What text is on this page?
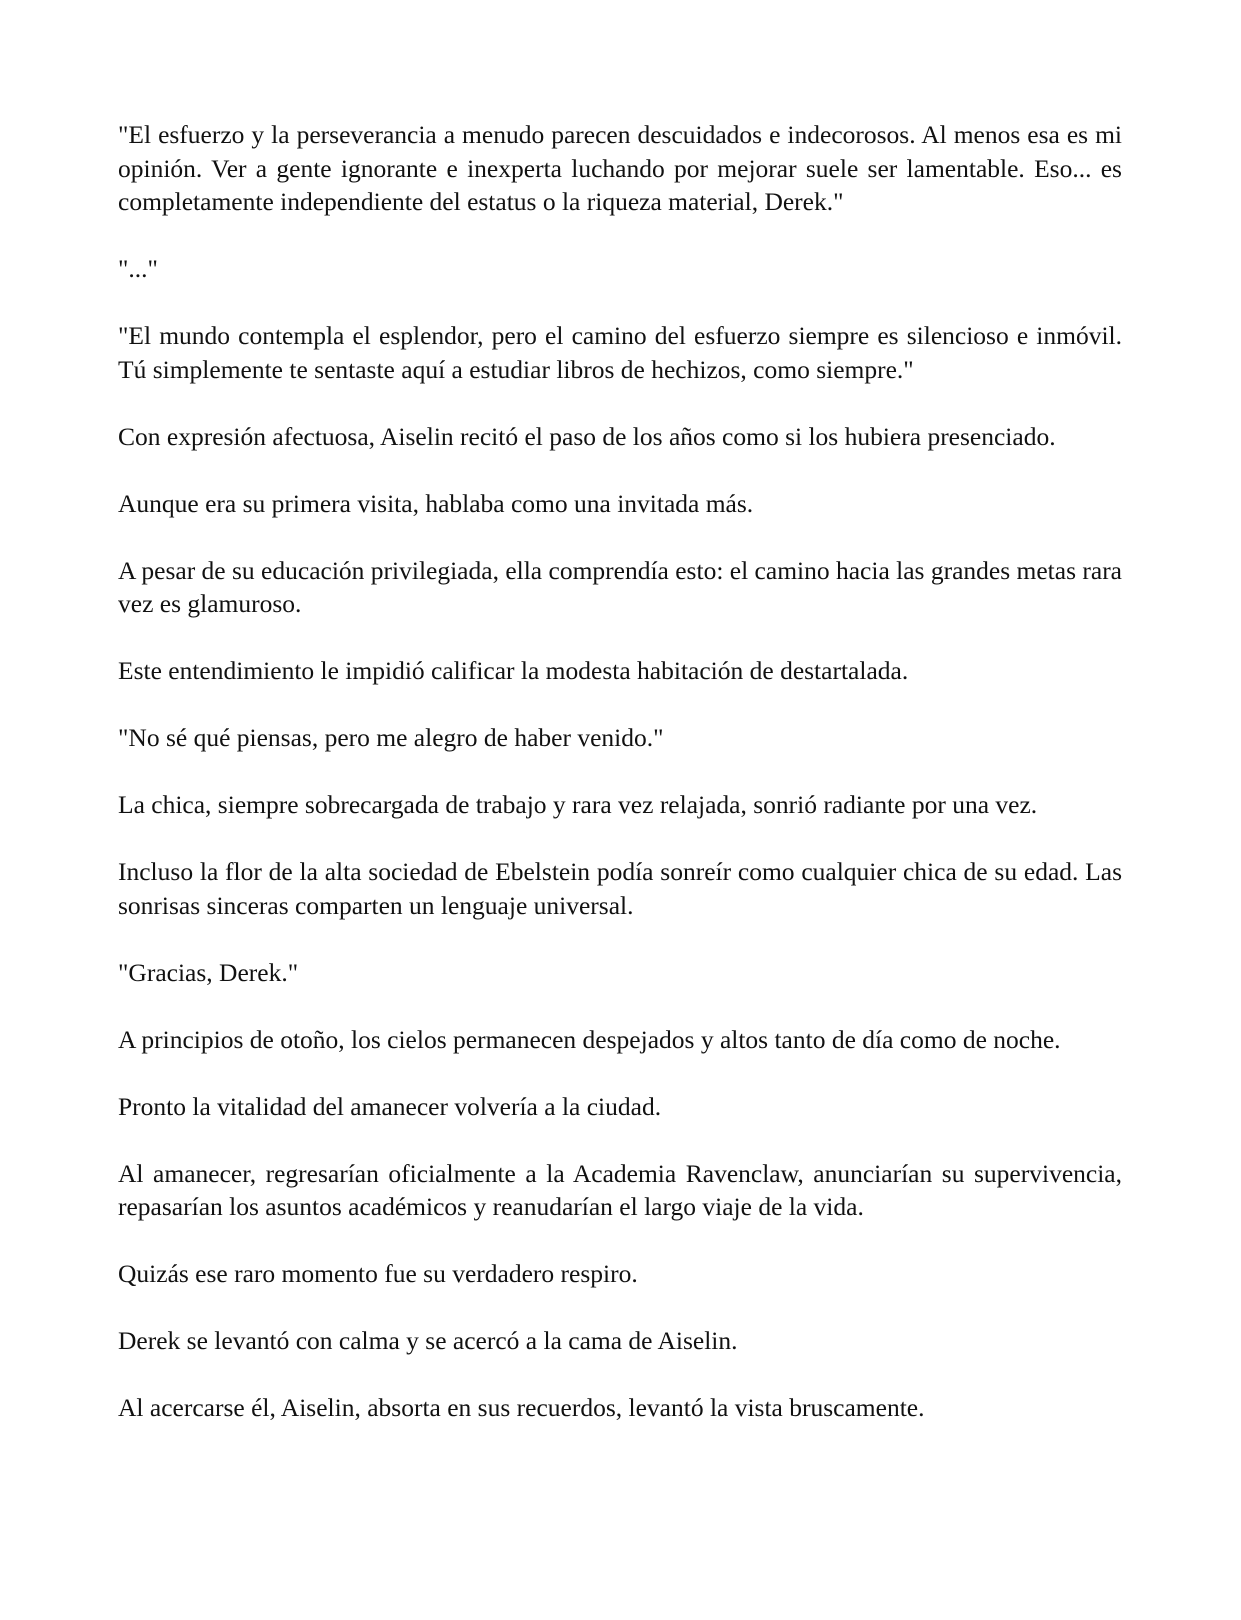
"El esfuerzo y la perseverancia a menudo parecen descuidados e indecorosos. Al menos esa es mi opinión. Ver a gente ignorante e inexperta luchando por mejorar suele ser lamentable. Eso... es completamente independiente del estatus o la riqueza material, Derek."

"..."

"El mundo contempla el esplendor, pero el camino del esfuerzo siempre es silencioso e inmóvil. Tú simplemente te sentaste aquí a estudiar libros de hechizos, como siempre."

Con expresión afectuosa, Aiselin recitó el paso de los años como si los hubiera presenciado.

Aunque era su primera visita, hablaba como una invitada más.

A pesar de su educación privilegiada, ella comprendía esto: el camino hacia las grandes metas rara vez es glamuroso.

Este entendimiento le impidió calificar la modesta habitación de destartalada.

"No sé qué piensas, pero me alegro de haber venido."

La chica, siempre sobrecargada de trabajo y rara vez relajada, sonrió radiante por una vez.

Incluso la flor de la alta sociedad de Ebelstein podía sonreír como cualquier chica de su edad. Las sonrisas sinceras comparten un lenguaje universal.

"Gracias, Derek."

A principios de otoño, los cielos permanecen despejados y altos tanto de día como de noche.

Pronto la vitalidad del amanecer volvería a la ciudad.

Al amanecer, regresarían oficialmente a la Academia Ravenclaw, anunciarían su supervivencia, repasarían los asuntos académicos y reanudarían el largo viaje de la vida.

Quizás ese raro momento fue su verdadero respiro.

Derek se levantó con calma y se acercó a la cama de Aiselin.

Al acercarse él, Aiselin, absorta en sus recuerdos, levantó la vista bruscamente.
